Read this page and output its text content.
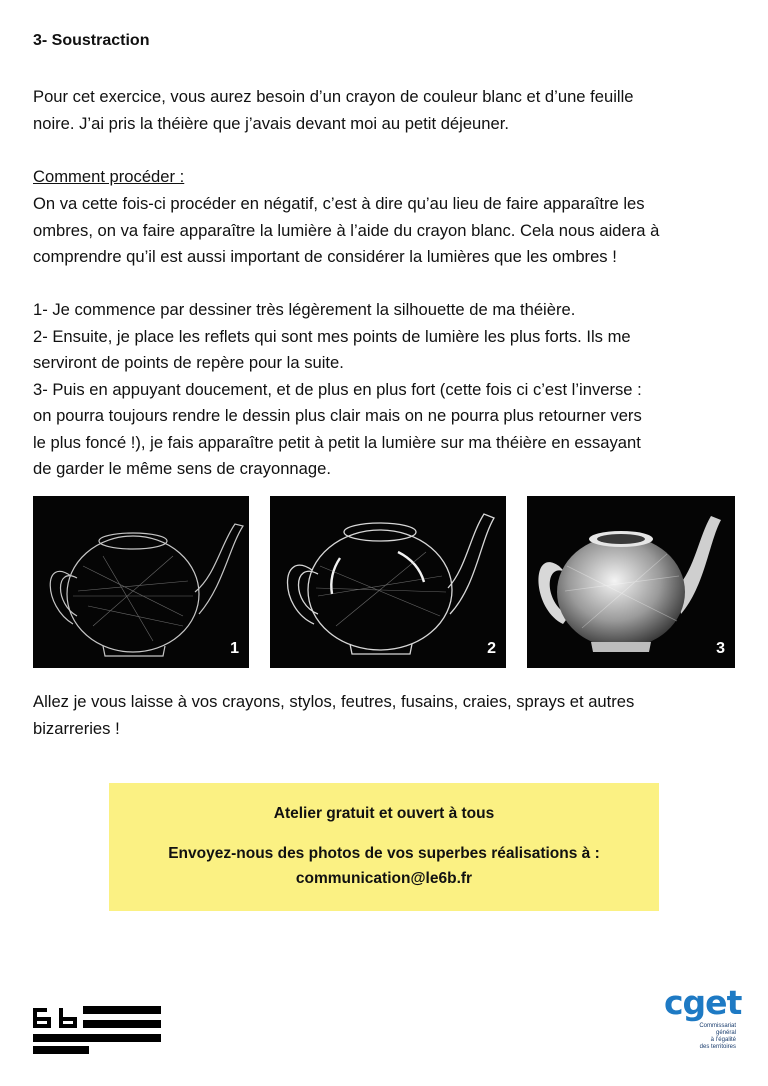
3- Soustraction
Pour cet exercice, vous aurez besoin d’un crayon de couleur blanc et d’une feuille
noire. J’ai pris la théière que j’avais devant moi au petit déjeuner.
Comment procéder :
On va cette fois-ci procéder en négatif, c’est à dire qu’au lieu de faire apparaître les
ombres, on va faire apparaître la lumière à l’aide du crayon blanc. Cela nous aidera à
comprendre qu’il est aussi important de considérer la lumières que les ombres !
1- Je commence par dessiner très légèrement la silhouette de ma théière.
2- Ensuite, je place les reflets qui sont mes points de lumière les plus forts. Ils me
serviront de points de repère pour la suite.
3- Puis en appuyant doucement, et de plus en plus fort (cette fois ci c’est l’inverse :
on pourra toujours rendre le dessin plus clair mais on ne pourra plus retourner vers
le plus foncé !), je fais apparaître petit à petit la lumière sur ma théière en essayant
de garder le même sens de crayonnage.
1	2	3
Allez je vous laisse à vos crayons, stylos, feutres, fusains, craies, sprays et autres
bizarreries !
Atelier gratuit et ouvert à tous
Envoyez-nous des photos de vos superbes réalisations à :
communication@le6b.fr
cget
Commissariat
général
à l’égalité
des territoires
